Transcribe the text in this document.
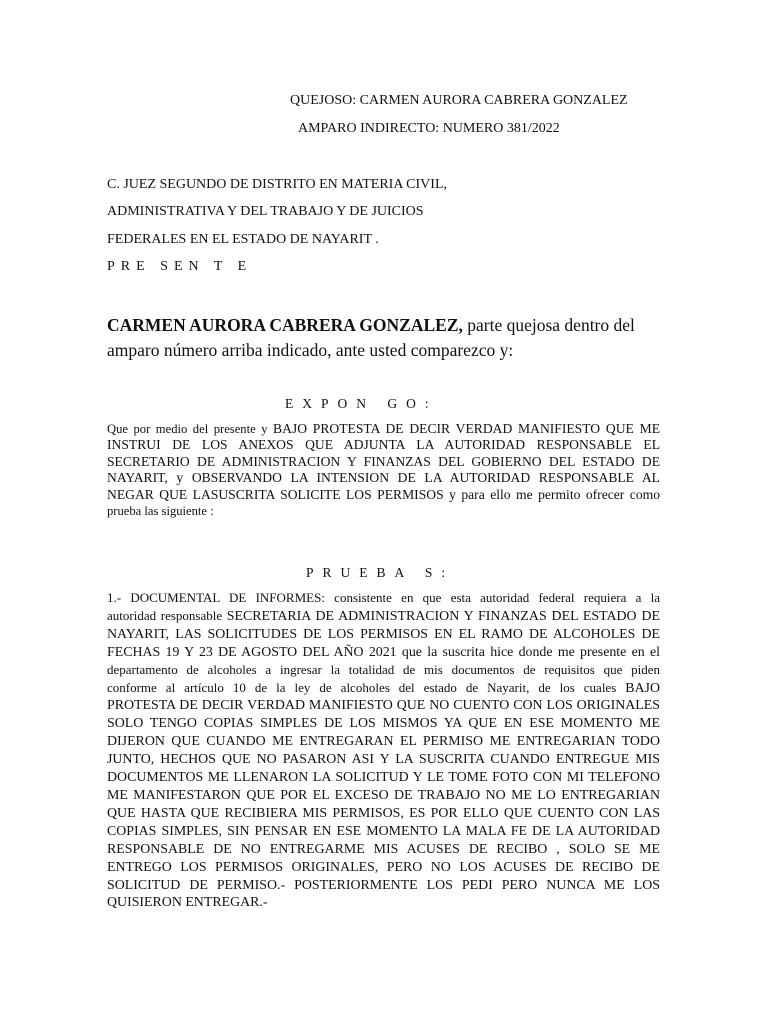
QUEJOSO: CARMEN AURORA CABRERA GONZALEZ
AMPARO INDIRECTO: NUMERO 381/2022
C. JUEZ SEGUNDO DE DISTRITO EN MATERIA CIVIL,
ADMINISTRATIVA Y DEL TRABAJO Y DE JUICIOS
FEDERALES EN EL ESTADO DE NAYARIT .
PRE SEN T E
CARMEN AURORA CABRERA GONZALEZ, parte quejosa dentro del
amparo número arriba indicado, ante usted comparezco y:
EXPON GO:
Que por medio del presente y BAJO PROTESTA DE DECIR VERDAD MANIFIESTO QUE ME
INSTRUI DE LOS ANEXOS QUE ADJUNTA LA AUTORIDAD RESPONSABLE EL
SECRETARIO DE ADMINISTRACION Y FINANZAS DEL GOBIERNO DEL ESTADO DE
NAYARIT, y OBSERVANDO LA INTENSION DE LA AUTORIDAD RESPONSABLE AL
NEGAR QUE LASUSCRITA SOLICITE LOS PERMISOS y para ello me permito ofrecer como
prueba las siguiente :
PRUEBA S:
1.- DOCUMENTAL DE INFORMES: consistente en que esta autoridad federal requiera a la
autoridad responsable SECRETARIA DE ADMINISTRACION Y FINANZAS DEL ESTADO DE
NAYARIT, LAS SOLICITUDES DE LOS PERMISOS EN EL RAMO DE ALCOHOLES DE
FECHAS 19 Y 23 DE AGOSTO DEL AÑO 2021 que la suscrita hice donde me presente en el
departamento de alcoholes a ingresar la totalidad de mis documentos de requisitos que piden
conforme al artículo 10 de la ley de alcoholes del estado de Nayarit, de los cuales BAJO
PROTESTA DE DECIR VERDAD MANIFIESTO QUE NO CUENTO CON LOS ORIGINALES
SOLO TENGO COPIAS SIMPLES DE LOS MISMOS YA QUE EN ESE MOMENTO ME
DIJERON QUE CUANDO ME ENTREGARAN EL PERMISO ME ENTREGARIAN TODO
JUNTO, HECHOS QUE NO PASARON ASI Y LA SUSCRITA CUANDO ENTREGUE MIS
DOCUMENTOS ME LLENARON LA SOLICITUD Y LE TOME FOTO CON MI TELEFONO
ME MANIFESTARON QUE POR EL EXCESO DE TRABAJO NO ME LO ENTREGARIAN
QUE HASTA QUE RECIBIERA MIS PERMISOS, ES POR ELLO QUE CUENTO CON LAS
COPIAS SIMPLES, SIN PENSAR EN ESE MOMENTO LA MALA FE DE LA AUTORIDAD
RESPONSABLE DE NO ENTREGARME MIS ACUSES DE RECIBO , SOLO SE ME
ENTREGO LOS PERMISOS ORIGINALES, PERO NO LOS ACUSES DE RECIBO DE
SOLICITUD DE PERMISO.- POSTERIORMENTE LOS PEDI PERO NUNCA ME LOS
QUISIERON ENTREGAR.-
